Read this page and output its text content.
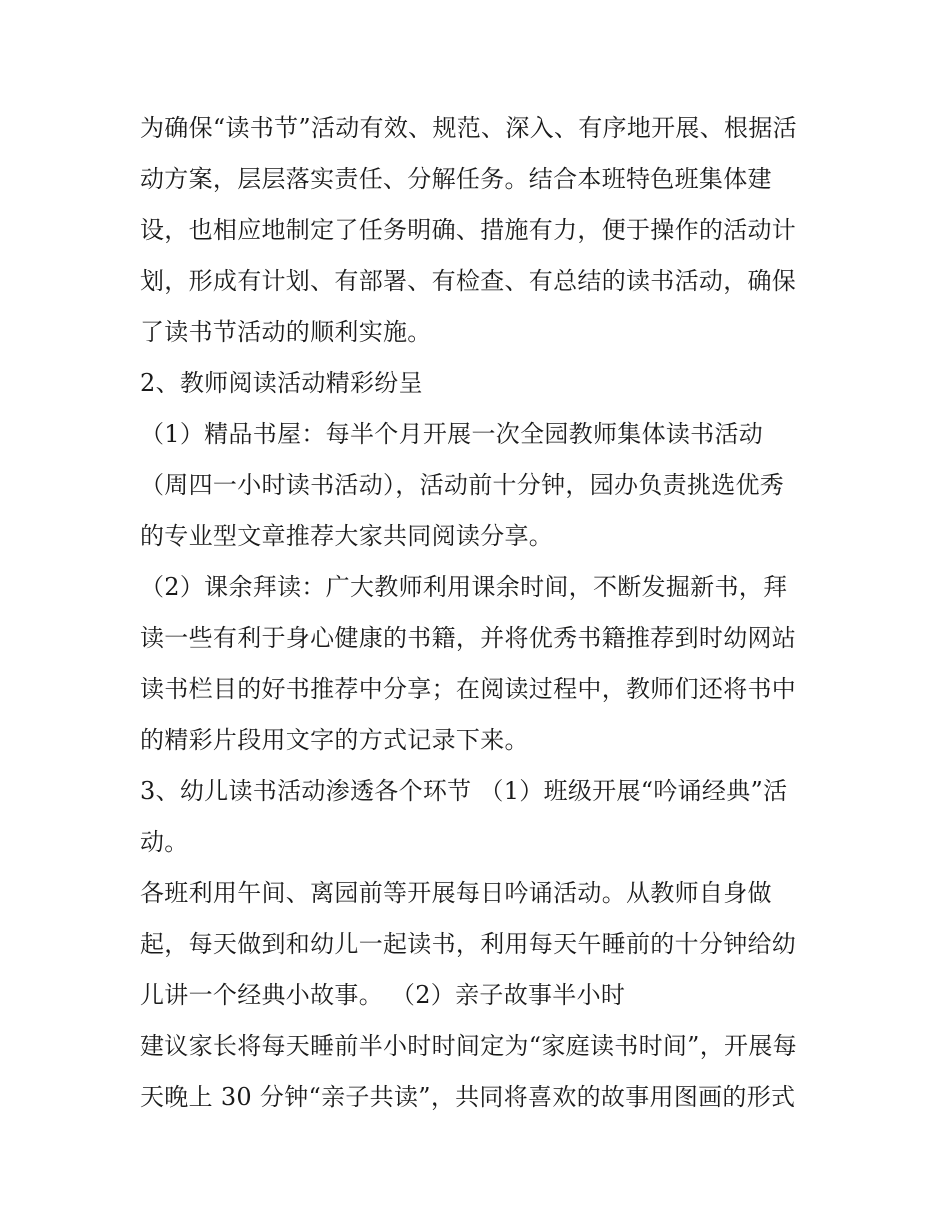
为确保“读书节”活动有效、规范、深入、有序地开展、根据活
动方案，层层落实责任、分解任务。结合本班特色班集体建
设，也相应地制定了任务明确、措施有力，便于操作的活动计
划，形成有计划、有部署、有检查、有总结的读书活动，确保
了读书节活动的顺利实施。
2、教师阅读活动精彩纷呈
（1）精品书屋：每半个月开展一次全园教师集体读书活动
（周四一小时读书活动），活动前十分钟，园办负责挑选优秀
的专业型文章推荐大家共同阅读分享。
（2）课余拜读：广大教师利用课余时间，不断发掘新书，拜
读一些有利于身心健康的书籍，并将优秀书籍推荐到时幼网站
读书栏目的好书推荐中分享；在阅读过程中，教师们还将书中
的精彩片段用文字的方式记录下来。
3、幼儿读书活动渗透各个环节 （1）班级开展“吟诵经典”活
动。
各班利用午间、离园前等开展每日吟诵活动。从教师自身做
起，每天做到和幼儿一起读书，利用每天午睡前的十分钟给幼
儿讲一个经典小故事。 （2）亲子故事半小时
建议家长将每天睡前半小时时间定为“家庭读书时间”，开展每
天晚上 30 分钟“亲子共读”，共同将喜欢的故事用图画的形式
